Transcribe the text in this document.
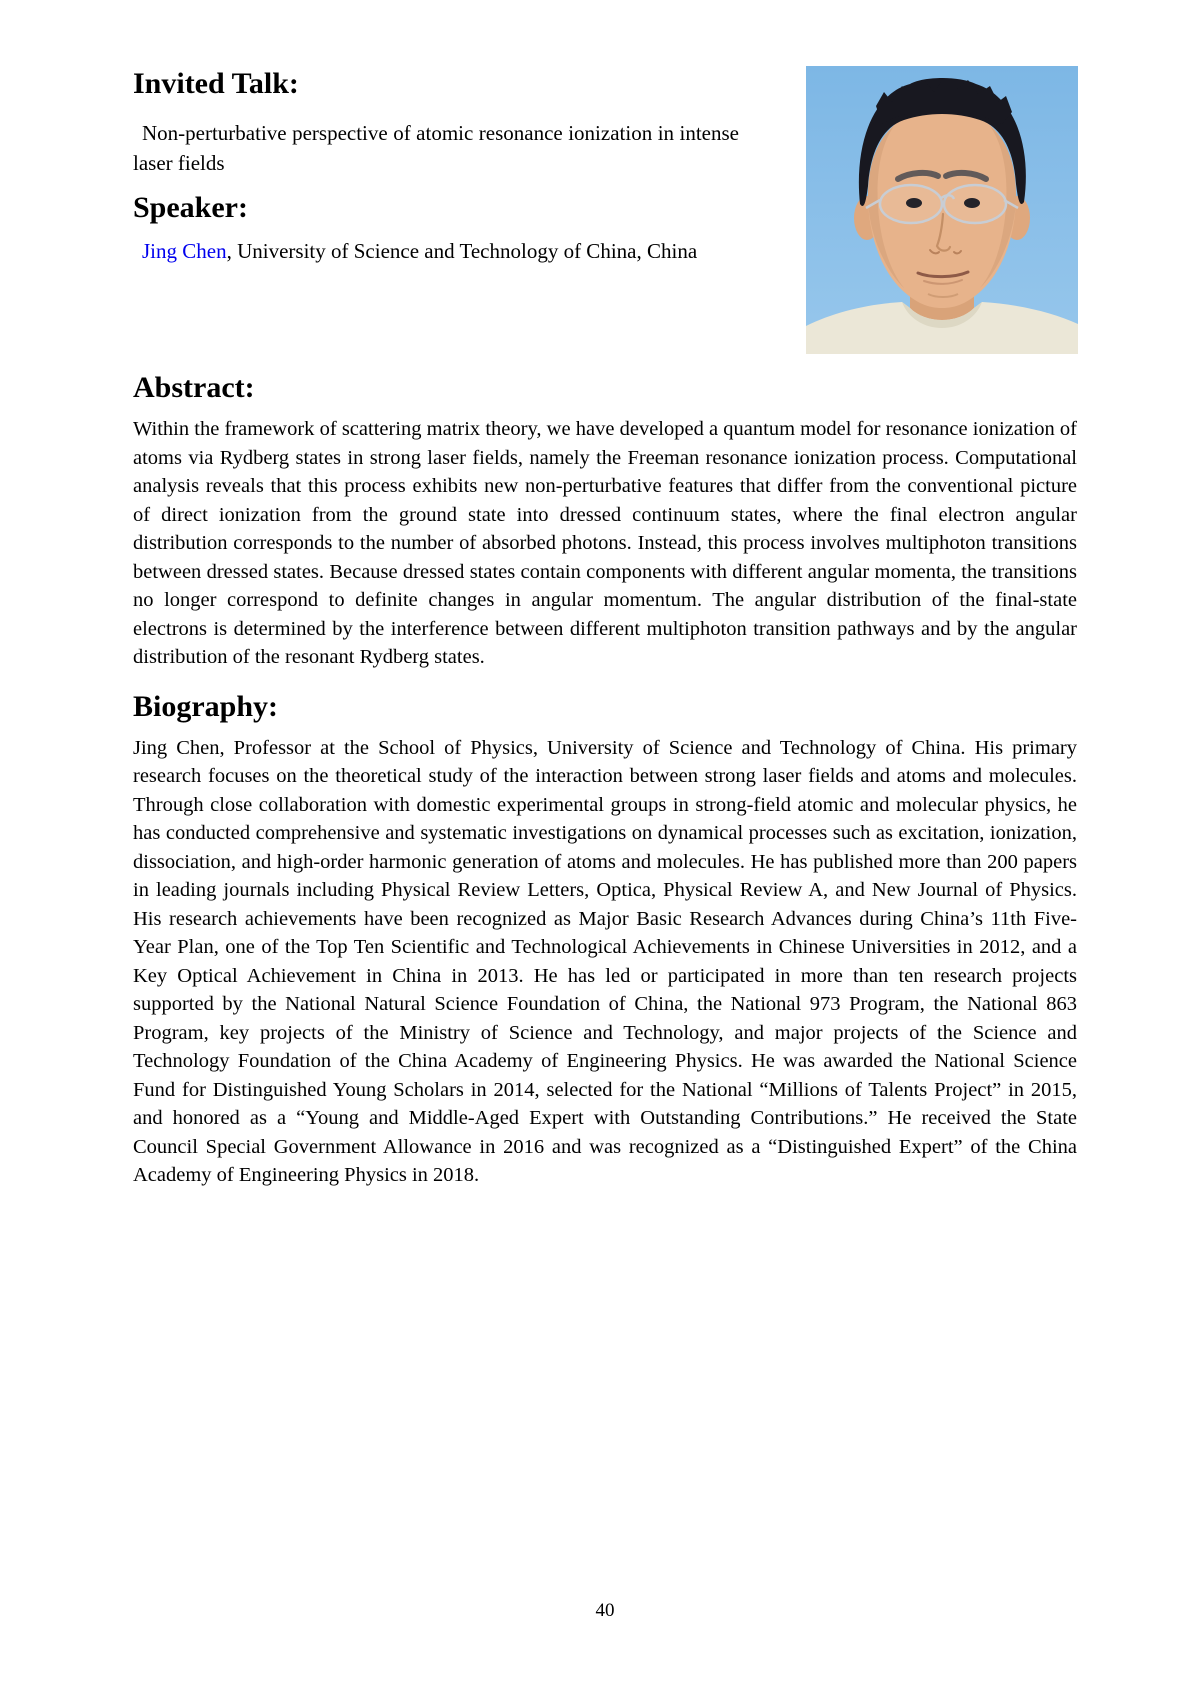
Invited Talk:

Non-perturbative perspective of atomic resonance ionization in intense laser fields

Speaker:

Jing Chen, University of Science and Technology of China, China

Abstract:

Within the framework of scattering matrix theory, we have developed a quantum model for resonance ionization of atoms via Rydberg states in strong laser fields, namely the Freeman resonance ionization process. Computational analysis reveals that this process exhibits new non-perturbative features that differ from the conventional picture of direct ionization from the ground state into dressed continuum states, where the final electron angular distribution corresponds to the number of absorbed photons. Instead, this process involves multiphoton transitions between dressed states. Because dressed states contain components with different angular momenta, the transitions no longer correspond to definite changes in angular momentum. The angular distribution of the final-state electrons is determined by the interference between different multiphoton transition pathways and by the angular distribution of the resonant Rydberg states.

Biography:

Jing Chen, Professor at the School of Physics, University of Science and Technology of China. His primary research focuses on the theoretical study of the interaction between strong laser fields and atoms and molecules. Through close collaboration with domestic experimental groups in strong-field atomic and molecular physics, he has conducted comprehensive and systematic investigations on dynamical processes such as excitation, ionization, dissociation, and high-order harmonic generation of atoms and molecules. He has published more than 200 papers in leading journals including Physical Review Letters, Optica, Physical Review A, and New Journal of Physics. His research achievements have been recognized as Major Basic Research Advances during China’s 11th Five-Year Plan, one of the Top Ten Scientific and Technological Achievements in Chinese Universities in 2012, and a Key Optical Achievement in China in 2013. He has led or participated in more than ten research projects supported by the National Natural Science Foundation of China, the National 973 Program, the National 863 Program, key projects of the Ministry of Science and Technology, and major projects of the Science and Technology Foundation of the China Academy of Engineering Physics. He was awarded the National Science Fund for Distinguished Young Scholars in 2014, selected for the National “Millions of Talents Project” in 2015, and honored as a “Young and Middle-Aged Expert with Outstanding Contributions.” He received the State Council Special Government Allowance in 2016 and was recognized as a “Distinguished Expert” of the China Academy of Engineering Physics in 2018.

40
